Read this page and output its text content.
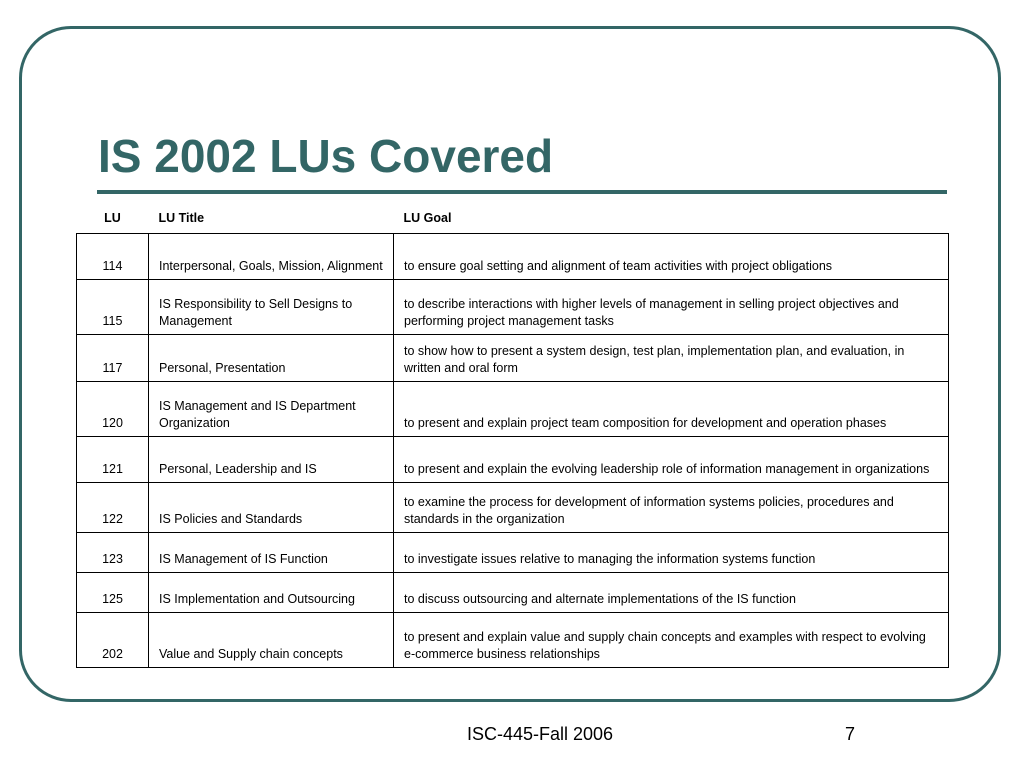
IS 2002 LUs Covered
LU	LU Title	LU Goal
114	Interpersonal, Goals, Mission, Alignment	to ensure goal setting and alignment of team activities with project obligations
115	IS Responsibility to Sell Designs to Management	to describe interactions with higher levels of management in selling project objectives and performing project management tasks
117	Personal, Presentation	to show how to present a system design, test plan, implementation plan, and evaluation, in written and oral form
120	IS Management and IS Department Organization	to present and explain project team composition for development and operation phases
121	Personal, Leadership and IS	to present and explain the evolving leadership role of information management in organizations
122	IS Policies and Standards	to examine the process for development of information systems policies, procedures and standards in the organization
123	IS Management of IS Function	to investigate issues relative to managing the information systems function
125	IS Implementation and Outsourcing	to discuss outsourcing and alternate implementations of the IS function
202	Value and Supply chain concepts	to present and explain value and supply chain concepts and examples with respect to evolving e-commerce business relationships
ISC-445-Fall 2006	7
